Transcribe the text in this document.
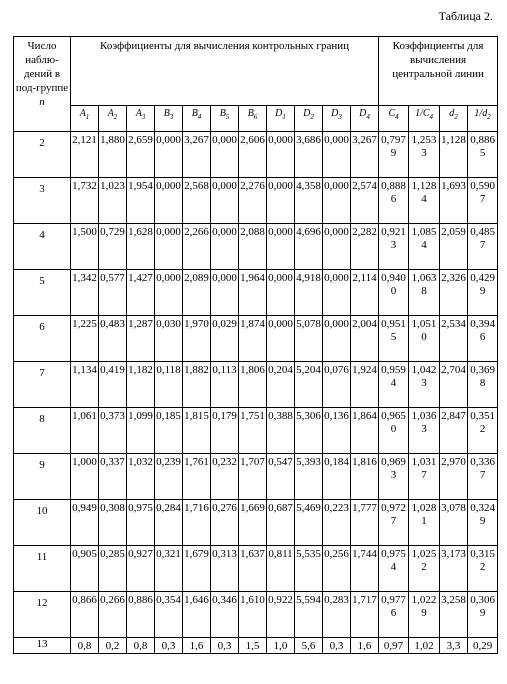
Таблица 2.
Число наблю-дений в под-группе
n	Коэффициенты для вычисления контрольных границ											Коэффициенты для вычисления центральной линии			
	$A_1$	$A_2$	$A_3$	$B_3$	$B_4$	$B_5$	$B_6$	$D_1$	$D_2$	$D_3$	$D_4$	$C_4$	$1/C_4$	$d_2$	$1/d_2$
2	2,121	1,880	2,659	0,000	3,267	0,000	2,606	0,000	3,686	0,000	3,267	0,7979	1,2533	1,128	0,8865
3	1,732	1,023	1,954	0,000	2,568	0,000	2,276	0,000	4,358	0,000	2,574	0,8886	1,1284	1,693	0,5907
4	1,500	0,729	1,628	0,000	2,266	0,000	2,088	0,000	4,696	0,000	2,282	0,9213	1,0854	2,059	0,4857
5	1,342	0,577	1,427	0,000	2,089	0,000	1,964	0,000	4,918	0,000	2,114	0,9400	1,0638	2,326	0,4299
6	1,225	0,483	1,287	0,030	1,970	0,029	1,874	0,000	5,078	0,000	2,004	0,9515	1,0510	2,534	0,3946
7	1,134	0,419	1,182	0,118	1,882	0,113	1,806	0,204	5,204	0,076	1,924	0,9594	1,0423	2,704	0,3698
8	1,061	0,373	1,099	0,185	1,815	0,179	1,751	0,388	5,306	0,136	1,864	0,9650	1,0363	2,847	0,3512
9	1,000	0,337	1,032	0,239	1,761	0,232	1,707	0,547	5,393	0,184	1,816	0,9693	1,0317	2,970	0,3367
10	0,949	0,308	0,975	0,284	1,716	0,276	1,669	0,687	5,469	0,223	1,777	0,9727	1,0281	3,078	0,3249
11	0,905	0,285	0,927	0,321	1,679	0,313	1,637	0,811	5,535	0,256	1,744	0,9754	1,0252	3,173	0,3152
12	0,866	0,266	0,886	0,354	1,646	0,346	1,610	0,922	5,594	0,283	1,717	0,9776	1,0229	3,258	0,3069
13	0,8	0,2	0,8	0,3	1,6	0,3	1,5	1,0	5,6	0,3	1,6	0,97	1,02	3,3	0,29
